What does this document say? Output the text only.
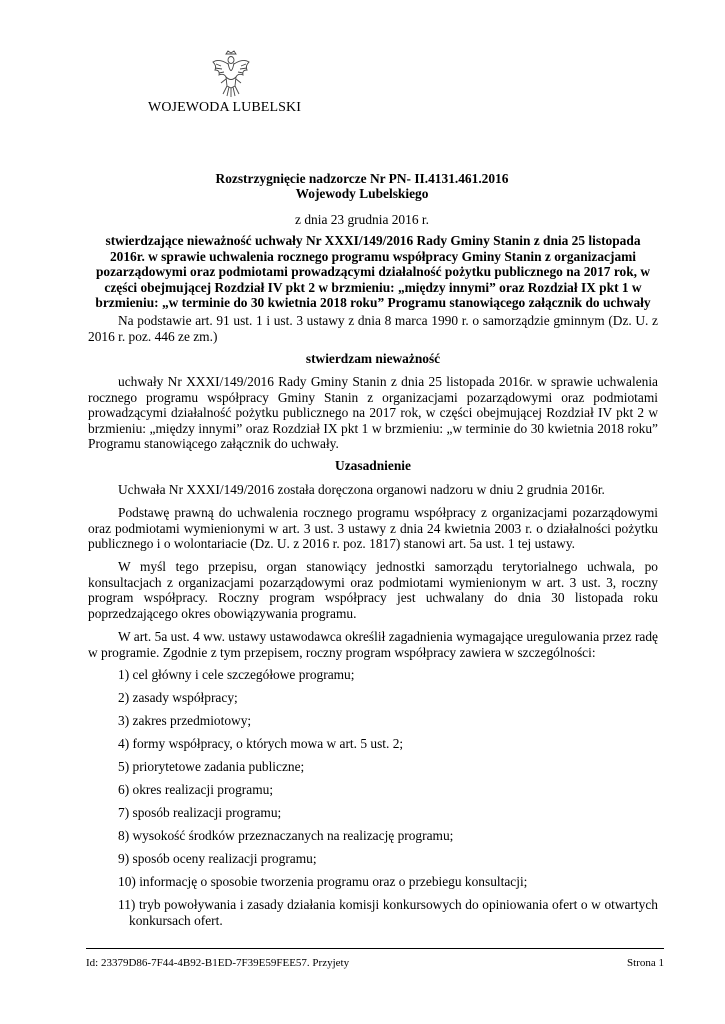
WOJEWODA LUBELSKI
Rozstrzygnięcie nadzorcze Nr PN- II.4131.461.2016
Wojewody Lubelskiego
z dnia 23 grudnia 2016 r.
stwierdzające nieważność uchwały Nr XXXI/149/2016 Rady Gminy Stanin z dnia 25 listopada
2016r. w sprawie uchwalenia rocznego programu współpracy Gminy Stanin z organizacjami
pozarządowymi oraz podmiotami prowadzącymi działalność pożytku publicznego na 2017 rok, w
części obejmującej Rozdział IV pkt 2 w brzmieniu: „między innymi” oraz Rozdział IX pkt 1 w
brzmieniu: „w terminie do 30 kwietnia 2018 roku” Programu stanowiącego załącznik do uchwały
Na podstawie art. 91 ust. 1 i ust. 3 ustawy z dnia 8 marca 1990 r. o samorządzie gminnym (Dz. U. z 2016 r. poz. 446 ze zm.)
stwierdzam nieważność
uchwały Nr XXXI/149/2016 Rady Gminy Stanin z dnia 25 listopada 2016r. w sprawie uchwalenia rocznego programu współpracy Gminy Stanin z organizacjami pozarządowymi oraz podmiotami prowadzącymi działalność pożytku publicznego na 2017 rok, w części obejmującej Rozdział IV pkt 2 w brzmieniu: „między innymi” oraz Rozdział IX pkt 1 w brzmieniu: „w terminie do 30 kwietnia 2018 roku” Programu stanowiącego załącznik do uchwały.
Uzasadnienie
Uchwała Nr XXXI/149/2016 została doręczona organowi nadzoru w dniu 2 grudnia 2016r.
Podstawę prawną do uchwalenia rocznego programu współpracy z organizacjami pozarządowymi oraz podmiotami wymienionymi w art. 3 ust. 3 ustawy z dnia 24 kwietnia 2003 r. o działalności pożytku publicznego i o wolontariacie (Dz. U. z 2016 r. poz. 1817) stanowi art. 5a ust. 1 tej ustawy.
W myśl tego przepisu, organ stanowiący jednostki samorządu terytorialnego uchwala, po konsultacjach z organizacjami pozarządowymi oraz podmiotami wymienionym w art. 3 ust. 3, roczny program współpracy. Roczny program współpracy jest uchwalany do dnia 30 listopada roku poprzedzającego okres obowiązywania programu.
W art. 5a ust. 4 ww. ustawy ustawodawca określił zagadnienia wymagające uregulowania przez radę w programie. Zgodnie z tym przepisem, roczny program współpracy zawiera w szczególności:
1) cel główny i cele szczegółowe programu;
2) zasady współpracy;
3) zakres przedmiotowy;
4) formy współpracy, o których mowa w art. 5 ust. 2;
5) priorytetowe zadania publiczne;
6) okres realizacji programu;
7) sposób realizacji programu;
8) wysokość środków przeznaczanych na realizację programu;
9) sposób oceny realizacji programu;
10) informację o sposobie tworzenia programu oraz o przebiegu konsultacji;
11) tryb powoływania i zasady działania komisji konkursowych do opiniowania ofert o w otwartych konkursach ofert.
Id: 23379D86-7F44-4B92-B1ED-7F39E59FEE57. Przyjety	Strona 1
